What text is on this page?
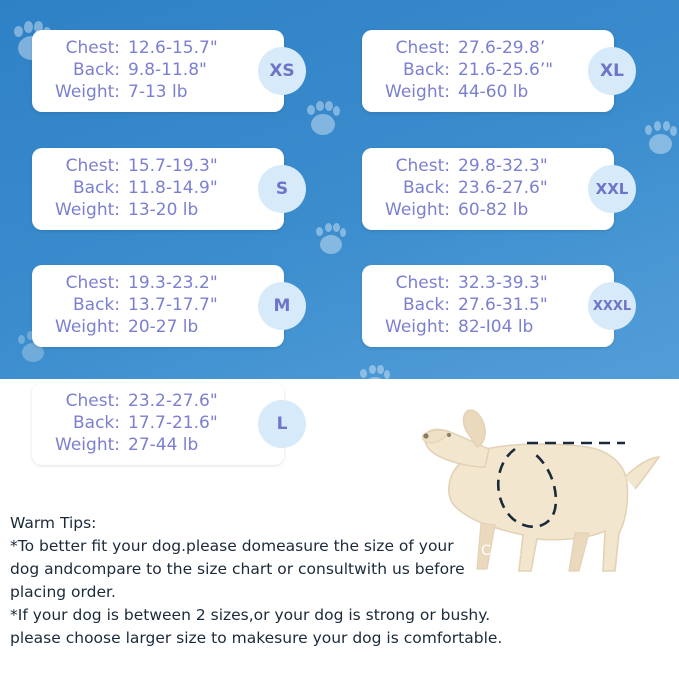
Back Length
Chest
Chest: 12.6-15.7"
Back: 9.8-11.8"
Weight: 7-13 lb
XS
Chest: 15.7-19.3"
Back: 11.8-14.9"
Weight: 13-20 lb
S
Chest: 19.3-23.2"
Back: 13.7-17.7"
Weight: 20-27 lb
M
Chest: 23.2-27.6"
Back: 17.7-21.6"
Weight: 27-44 lb
L
Chest: 27.6-29.8’
Back: 21.6-25.6’"
Weight: 44-60 lb
XL
Chest: 29.8-32.3"
Back: 23.6-27.6"
Weight: 60-82 lb
XXL
Chest: 32.3-39.3"
Back: 27.6-31.5"
Weight: 82-I04 lb
XXXL
Warm Tips:
*To better fit your dog.please domeasure the size of your
dog andcompare to the size chart or consultwith us before
placing order.
*If your dog is between 2 sizes,or your dog is strong or bushy.
please choose larger size to makesure your dog is comfortable.
